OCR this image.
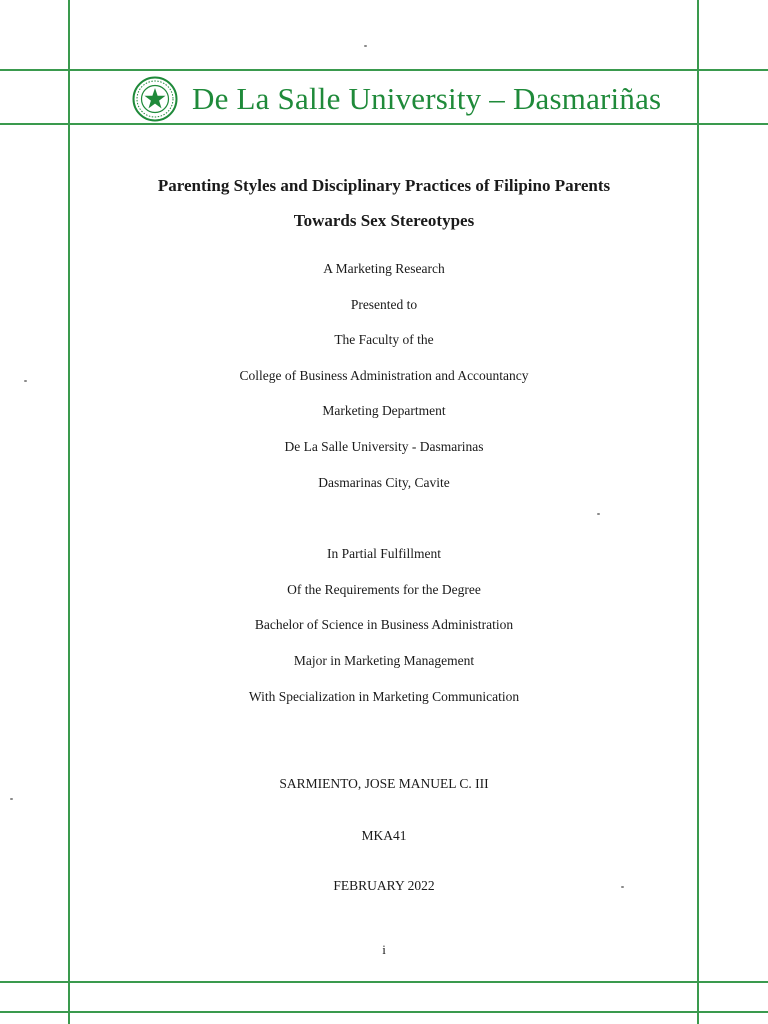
De La Salle University – Dasmariñas
Parenting Styles and Disciplinary Practices of Filipino Parents
Towards Sex Stereotypes
A Marketing Research
Presented to
The Faculty of the
College of Business Administration and Accountancy
Marketing Department
De La Salle University - Dasmarinas
Dasmarinas City, Cavite
In Partial Fulfillment
Of the Requirements for the Degree
Bachelor of Science in Business Administration
Major in Marketing Management
With Specialization in Marketing Communication
SARMIENTO, JOSE MANUEL C. III
MKA41
FEBRUARY 2022
i
